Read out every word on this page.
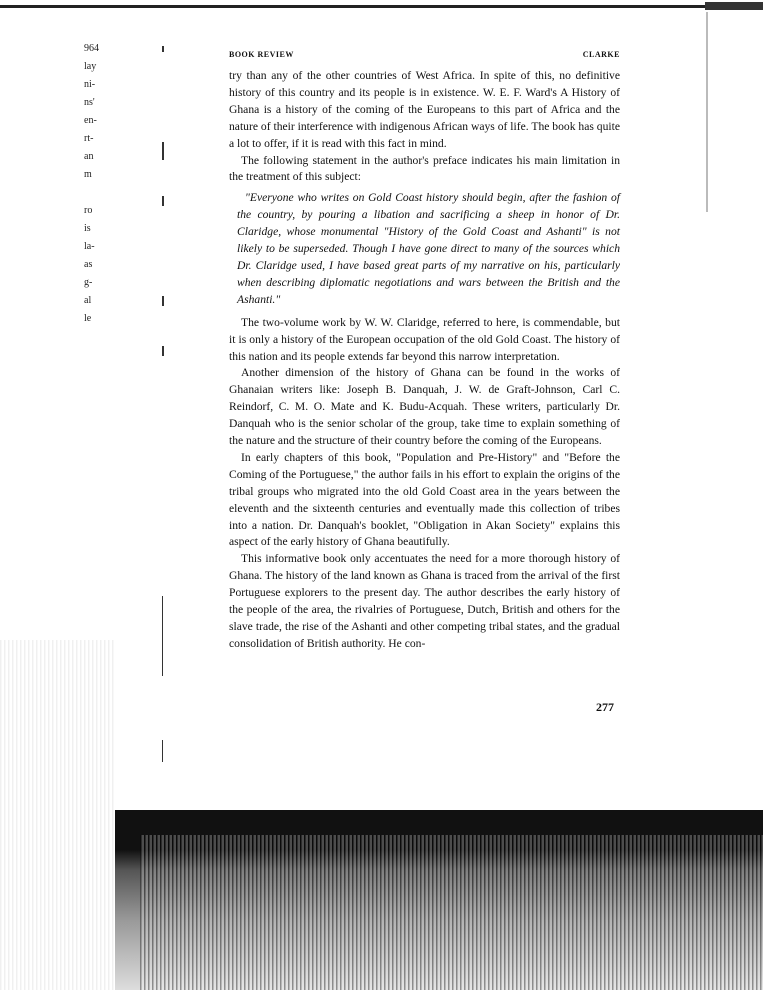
964
lay
ni-
ns'
en-
rt-
an
m
ro
is
la-
as
g-
al
le
BOOK REVIEW	CLARKE

try than any of the other countries of West Africa. In spite of this, no definitive history of this country and its people is in existence. W. E. F. Ward's A History of Ghana is a history of the coming of the Europeans to this part of Africa and the nature of their interference with indigenous African ways of life. The book has quite a lot to offer, if it is read with this fact in mind.

The following statement in the author's preface indicates his main limitation in the treatment of this subject:

"Everyone who writes on Gold Coast history should begin, after the fashion of the country, by pouring a libation and sacrificing a sheep in honor of Dr. Claridge, whose monumental "History of the Gold Coast and Ashanti" is not likely to be superseded. Though I have gone direct to many of the sources which Dr. Claridge used, I have based great parts of my narrative on his, particularly when describing diplomatic negotiations and wars between the British and the Ashanti."

The two-volume work by W. W. Claridge, referred to here, is commendable, but it is only a history of the European occupation of the old Gold Coast. The history of this nation and its people extends far beyond this narrow interpretation.

Another dimension of the history of Ghana can be found in the works of Ghanaian writers like: Joseph B. Danquah, J. W. de Graft-Johnson, Carl C. Reindorf, C. M. O. Mate and K. Budu-Acquah. These writers, particularly Dr. Danquah who is the senior scholar of the group, take time to explain something of the nature and the structure of their country before the coming of the Europeans.

In early chapters of this book, "Population and Pre-History" and "Before the Coming of the Portuguese," the author fails in his effort to explain the origins of the tribal groups who migrated into the old Gold Coast area in the years between the eleventh and the sixteenth centuries and eventually made this collection of tribes into a nation. Dr. Danquah's booklet, "Obligation in Akan Society" explains this aspect of the early history of Ghana beautifully.

This informative book only accentuates the need for a more thorough history of Ghana. The history of the land known as Ghana is traced from the arrival of the first Portuguese explorers to the present day. The author describes the early history of the people of the area, the rivalries of Portuguese, Dutch, British and others for the slave trade, the rise of the Ashanti and other competing tribal states, and the gradual consolidation of British authority. He con-

277
